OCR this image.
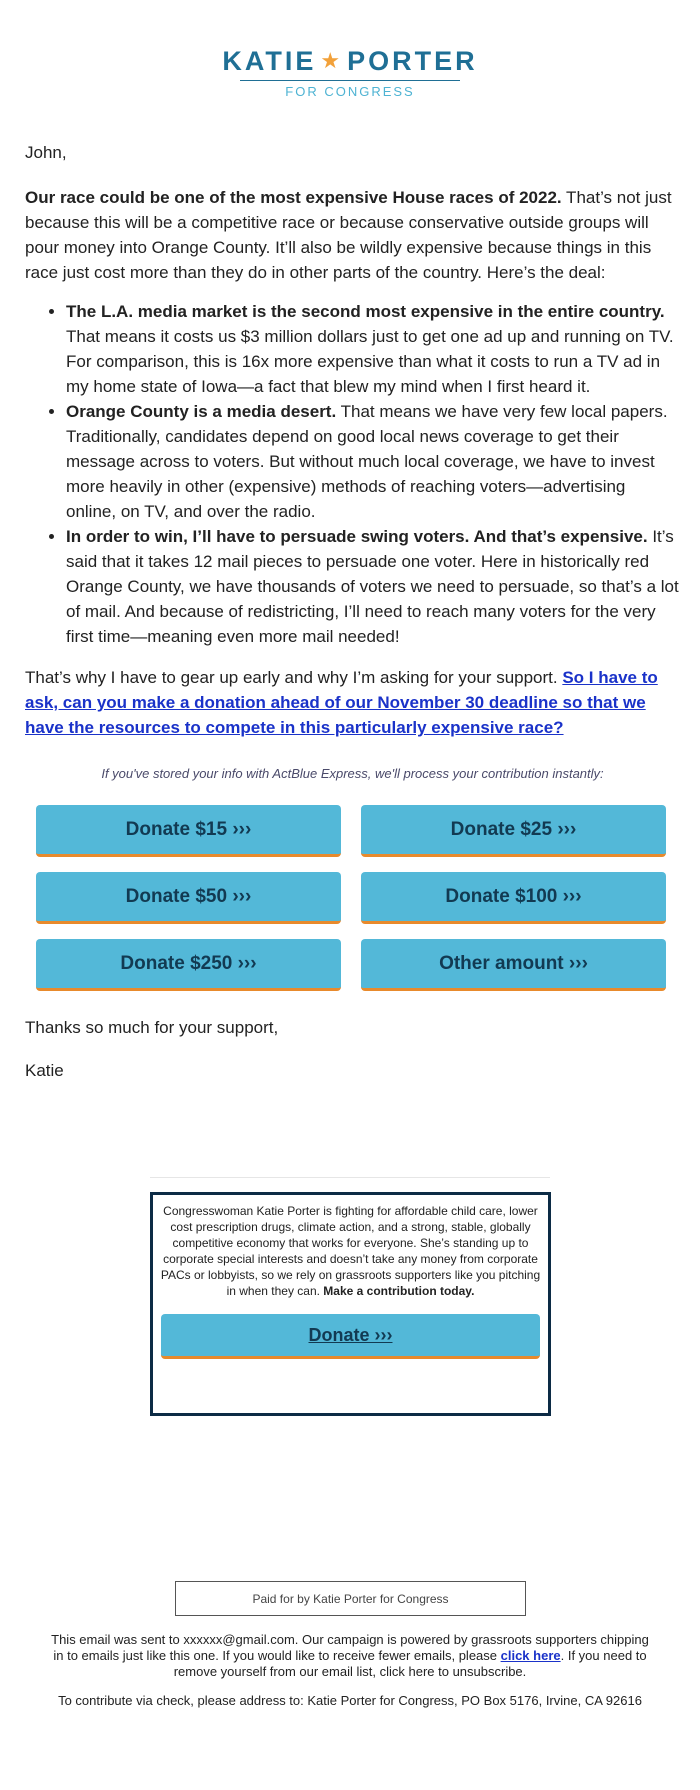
KATIE ★ PORTER
FOR CONGRESS

John,

Our race could be one of the most expensive House races of 2022. That’s not just because this will be a competitive race or because conservative outside groups will pour money into Orange County. It’ll also be wildly expensive because things in this race just cost more than they do in other parts of the country. Here’s the deal:

• The L.A. media market is the second most expensive in the entire country. That means it costs us $3 million dollars just to get one ad up and running on TV. For comparison, this is 16x more expensive than what it costs to run a TV ad in my home state of Iowa—a fact that blew my mind when I first heard it.
• Orange County is a media desert. That means we have very few local papers. Traditionally, candidates depend on good local news coverage to get their message across to voters. But without much local coverage, we have to invest more heavily in other (expensive) methods of reaching voters—advertising online, on TV, and over the radio.
• In order to win, I’ll have to persuade swing voters. And that’s expensive. It’s said that it takes 12 mail pieces to persuade one voter. Here in historically red Orange County, we have thousands of voters we need to persuade, so that’s a lot of mail. And because of redistricting, I’ll need to reach many voters for the very first time—meaning even more mail needed!

That’s why I have to gear up early and why I’m asking for your support. So I have to ask, can you make a donation ahead of our November 30 deadline so that we have the resources to compete in this particularly expensive race?

If you've stored your info with ActBlue Express, we'll process your contribution instantly:

Donate $15 ›››	Donate $25 ›››
Donate $50 ›››	Donate $100 ›››
Donate $250 ›››	Other amount ›››

Thanks so much for your support,

Katie

Congresswoman Katie Porter is fighting for affordable child care, lower cost prescription drugs, climate action, and a strong, stable, globally competitive economy that works for everyone. She’s standing up to corporate special interests and doesn’t take any money from corporate PACs or lobbyists, so we rely on grassroots supporters like you pitching in when they can. Make a contribution today.

Donate ›››
Paid for by Katie Porter for Congress

This email was sent to xxxxxx@gmail.com. Our campaign is powered by grassroots supporters chipping in to emails just like this one. If you would like to receive fewer emails, please click here. If you need to remove yourself from our email list, click here to unsubscribe.

To contribute via check, please address to: Katie Porter for Congress, PO Box 5176, Irvine, CA 92616
